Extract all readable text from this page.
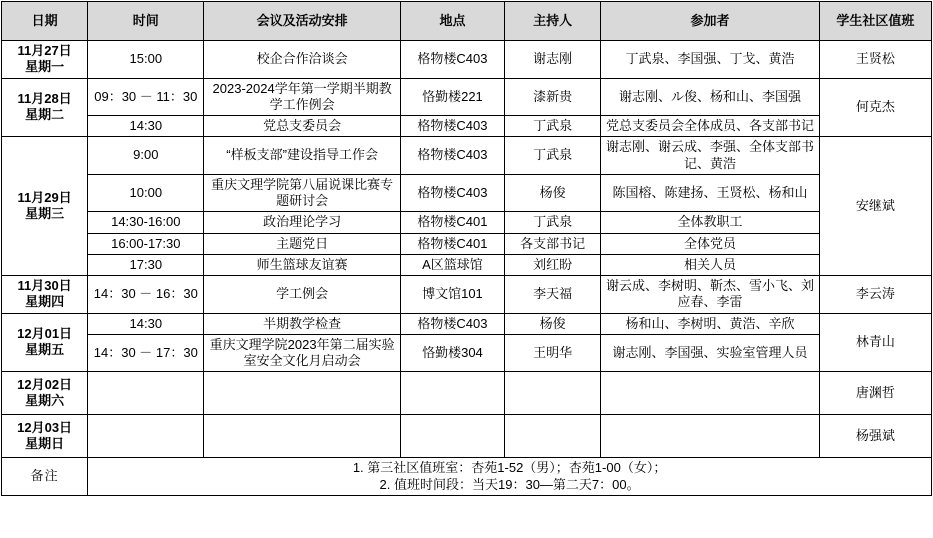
日期	时间	会议及活动安排	地点	主持人	参加者	学生社区值班

11月27日
星期一	15:00	校企合作洽谈会	格物楼C403	谢志刚	丁武泉、李国强、丁戈、黄浩	王贤松

11月28日
星期二	09：30 － 11：30	2023-2024学年第一学期半期教学工作例会	恪勤楼221	漆新贵	谢志刚、ル俊、杨和山、李国强	何克杰
	14:30	党总支委员会	格物楼C403	丁武泉	党总支委员会全体成员、各支部书记	

11月29日
星期三	9:00	“样板支部”建设指导工作会	格物楼C403	丁武泉	谢志刚、谢云成、李强、全体支部书记、黄浩	安继斌
	10:00	重庆文理学院第八届说课比赛专题研讨会	格物楼C403	杨俊	陈国榕、陈建扬、王贤松、杨和山	
	14:30-16:00	政治理论学习	格物楼C401	丁武泉	全体教职工	
	16:00-17:30	主题党日	格物楼C401	各支部书记	全体党员	
	17:30	师生篮球友谊赛	A区篮球馆	刘红盼	相关人员	

11月30日
星期四	14：30 － 16：30	学工例会	博文馆101	李天福	谢云成、李树明、靳杰、雪小飞、刘应春、李雷	李云涛

12月01日
星期五	14:30	半期教学检查	格物楼C403	杨俊	杨和山、李树明、黄浩、辛欣	林青山
	14：30 － 17：30	重庆文理学院2023年第二届实验室安全文化月启动会	恪勤楼304	王明华	谢志刚、李国强、实验室管理人员	

12月02日
星期六						唐渊哲

12月03日
星期日						杨强斌
备注	1. 第三社区值班室：杏苑1-52（男）；杏苑1-00（女）；
2. 值班时间段：当天19：30—第二天7：00。					
